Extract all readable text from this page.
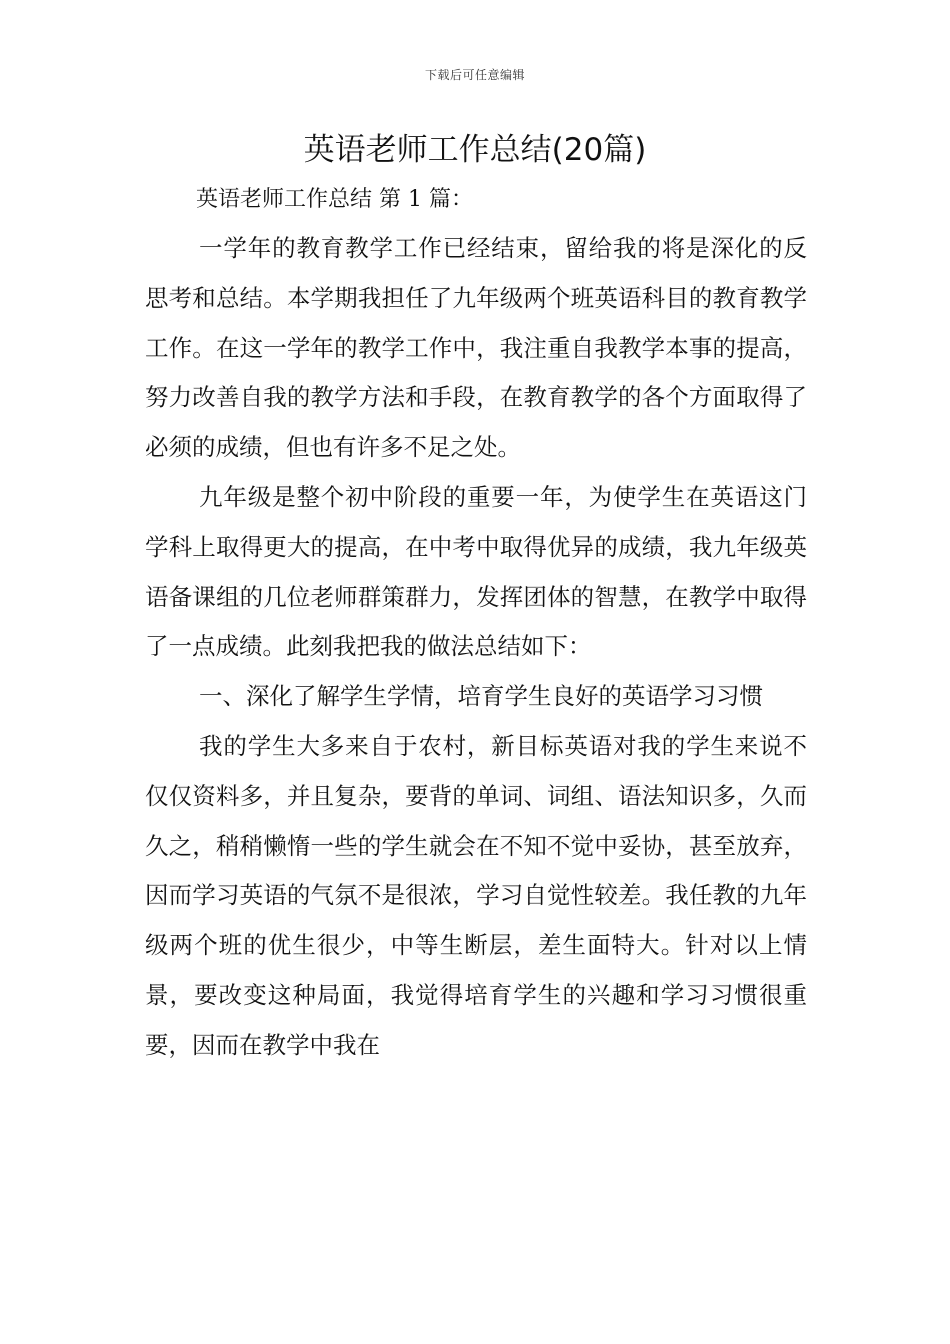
下载后可任意编辑
英语老师工作总结(20篇)
英语老师工作总结 第 1 篇：

一学年的教育教学工作已经结束，留给我的将是深化的反思考和总结。本学期我担任了九年级两个班英语科目的教育教学工作。在这一学年的教学工作中，我注重自我教学本事的提高，努力改善自我的教学方法和手段，在教育教学的各个方面取得了必须的成绩，但也有许多不足之处。

九年级是整个初中阶段的重要一年，为使学生在英语这门学科上取得更大的提高，在中考中取得优异的成绩，我九年级英语备课组的几位老师群策群力，发挥团体的智慧，在教学中取得了一点成绩。此刻我把我的做法总结如下：

一、深化了解学生学情，培育学生良好的英语学习习惯

我的学生大多来自于农村，新目标英语对我的学生来说不仅仅资料多，并且复杂，要背的单词、词组、语法知识多，久而久之，稍稍懒惰一些的学生就会在不知不觉中妥协，甚至放弃，因而学习英语的气氛不是很浓，学习自觉性较差。我任教的九年级两个班的优生很少，中等生断层，差生面特大。针对以上情景，要改变这种局面，我觉得培育学生的兴趣和学习习惯很重要，因而在教学中我在
